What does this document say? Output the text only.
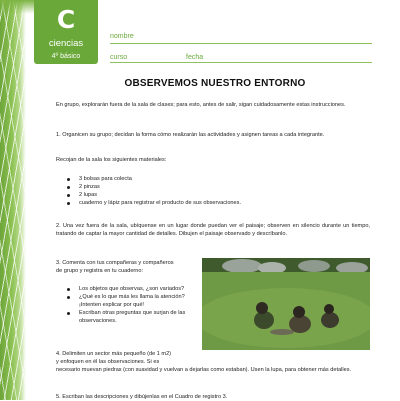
C
ciencias
4º básico
nombre
curso	fecha
OBSERVEMOS NUESTRO ENTORNO
En grupo, explorarán fuera de la sala de clases; para esto, antes de salir, sigan cuidadosamente estas instrucciones.
1. Organicen su grupo; decidan la forma cómo realizarán las actividades y asignen tareas a cada integrante.
Recojan de la sala los siguientes materiales:
3 bolsas para colecta
2 pinzas
2 lupas
cuaderno y lápiz para registrar el producto de sus observaciones.
2. Una vez fuera de la sala, ubíquense en un lugar donde puedan ver el paisaje; observen en silencio durante un tiempo, tratando de captar la mayor cantidad de detalles. Dibujen el paisaje observado y descríbanlo.
3. Comenta con tus compañeras y compañeros
de grupo y registra en tu cuaderno:
Los objetos que observas, ¿son variados?
¿Qué es lo que más les llama la atención? ¡Intenten explicar por qué!
Escriban otras preguntas que surjan de las observaciones.
4. Delimiten un sector más pequeño (de 1 m2)
y enfoquen en él las observaciones. Si es
necesario muevan piedras (con suavidad y vuelvan a dejarlas como estaban). Usen la lupa, para obtener más detalles.
5. Escriban las descripciones y dibújenlas en el Cuadro de registro 3.
